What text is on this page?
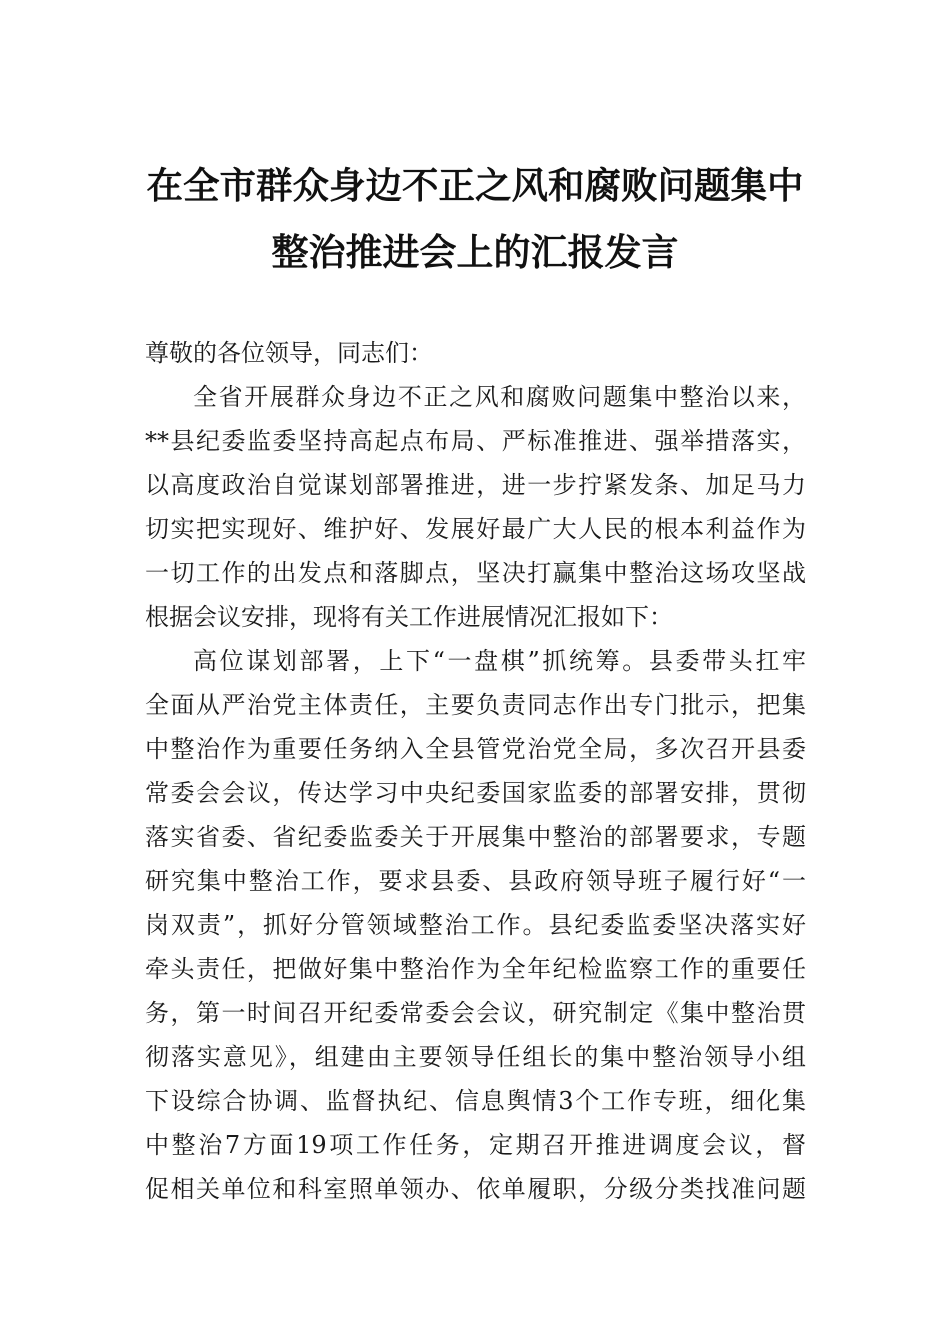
在全市群众身边不正之风和腐败问题集中
整治推进会上的汇报发言
尊敬的各位领导，同志们：
全省开展群众身边不正之风和腐败问题集中整治以来，
**县纪委监委坚持高起点布局、严标准推进、强举措落实，
以高度政治自觉谋划部署推进，进一步拧紧发条、加足马力
切实把实现好、维护好、发展好最广大人民的根本利益作为
一切工作的出发点和落脚点，坚决打赢集中整治这场攻坚战
根据会议安排，现将有关工作进展情况汇报如下：
高位谋划部署，上下“一盘棋”抓统筹。县委带头扛牢
全面从严治党主体责任，主要负责同志作出专门批示，把集
中整治作为重要任务纳入全县管党治党全局，多次召开县委
常委会会议，传达学习中央纪委国家监委的部署安排，贯彻
落实省委、省纪委监委关于开展集中整治的部署要求，专题
研究集中整治工作，要求县委、县政府领导班子履行好“一
岗双责”，抓好分管领域整治工作。县纪委监委坚决落实好
牵头责任，把做好集中整治作为全年纪检监察工作的重要任
务，第一时间召开纪委常委会会议，研究制定《集中整治贯
彻落实意见》，组建由主要领导任组长的集中整治领导小组
下设综合协调、监督执纪、信息舆情3个工作专班，细化集
中整治7方面19项工作任务，定期召开推进调度会议，督
促相关单位和科室照单领办、依单履职，分级分类找准问题
